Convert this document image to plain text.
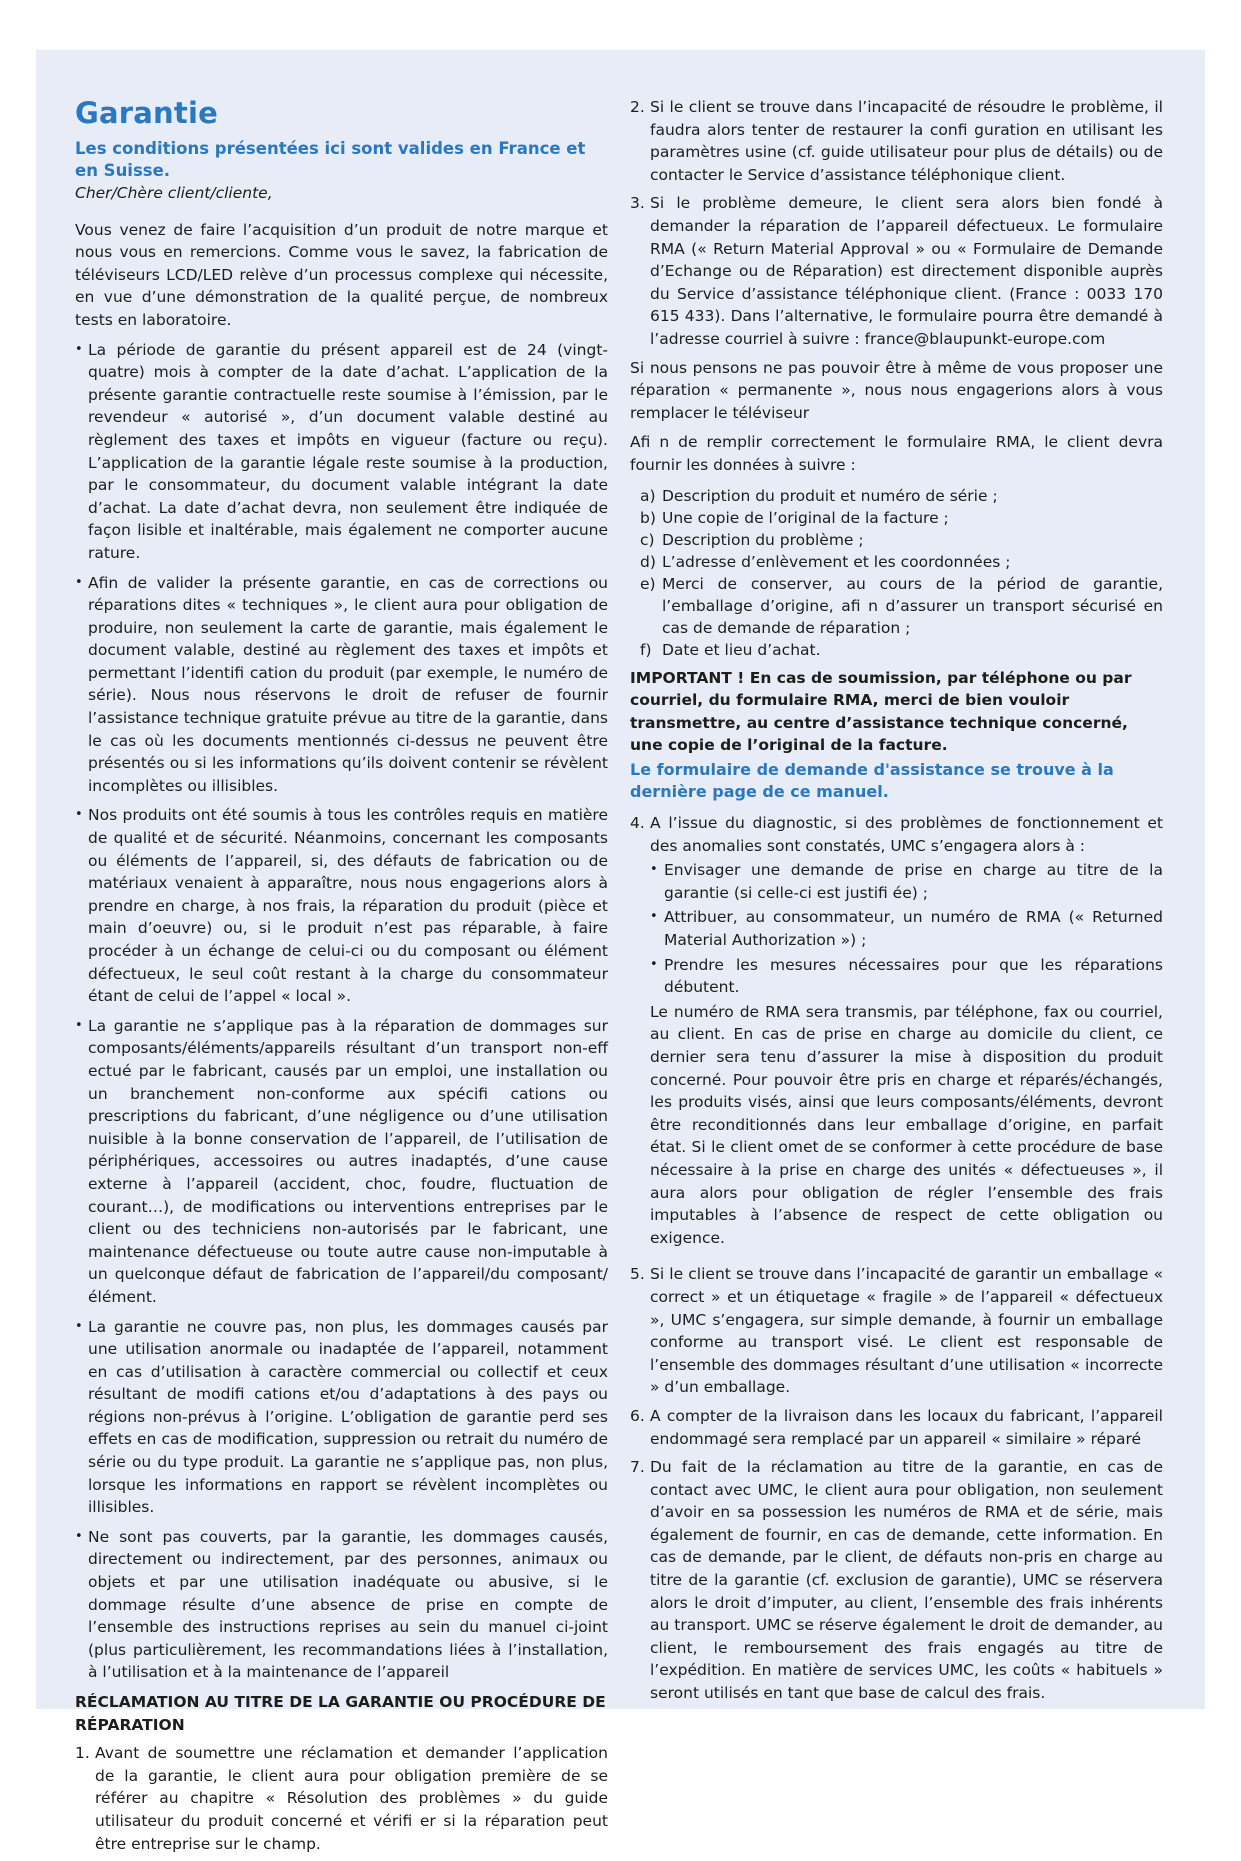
Garantie

Les conditions présentées ici sont valides en France et en Suisse.

Cher/Chère client/cliente,

Vous venez de faire l’acquisition d’un produit de notre marque et nous vous en remercions. Comme vous le savez, la fabrication de téléviseurs LCD/LED relève d’un processus complexe qui nécessite, en vue d’une démonstration de la qualité perçue, de nombreux tests en laboratoire.

• La période de garantie du présent appareil est de 24 (vingt-quatre) mois à compter de la date d’achat. L’application de la présente garantie contractuelle reste soumise à l’émission, par le revendeur « autorisé », d’un document valable destiné au règlement des taxes et impôts en vigueur (facture ou reçu). L’application de la garantie légale reste soumise à la production, par le consommateur, du document valable intégrant la date d’achat. La date d’achat devra, non seulement être indiquée de façon lisible et inaltérable, mais également ne comporter aucune rature.
• Afin de valider la présente garantie, en cas de corrections ou réparations dites « techniques », le client aura pour obligation de produire, non seulement la carte de garantie, mais également le document valable, destiné au règlement des taxes et impôts et permettant l’identifi cation du produit (par exemple, le numéro de série). Nous nous réservons le droit de refuser de fournir l’assistance technique gratuite prévue au titre de la garantie, dans le cas où les documents mentionnés ci-dessus ne peuvent être présentés ou si les informations qu’ils doivent contenir se révèlent incomplètes ou illisibles.
• Nos produits ont été soumis à tous les contrôles requis en matière de qualité et de sécurité. Néanmoins, concernant les composants ou éléments de l’appareil, si, des défauts de fabrication ou de matériaux venaient à apparaître, nous nous engagerions alors à prendre en charge, à nos frais, la réparation du produit (pièce et main d’oeuvre) ou, si le produit n’est pas réparable, à faire procéder à un échange de celui-ci ou du composant ou élément défectueux, le seul coût restant à la charge du consommateur étant de celui de l’appel « local ».
• La garantie ne s’applique pas à la réparation de dommages sur composants/éléments/appareils résultant d’un transport non-eff ectué par le fabricant, causés par un emploi, une installation ou un branchement non-conforme aux spécifi cations ou prescriptions du fabricant, d’une négligence ou d’une utilisation nuisible à la bonne conservation de l’appareil, de l’utilisation de périphériques, accessoires ou autres inadaptés, d’une cause externe à l’appareil (accident, choc, foudre, fluctuation de courant…), de modifications ou interventions entreprises par le client ou des techniciens non-autorisés par le fabricant, une maintenance défectueuse ou toute autre cause non-imputable à un quelconque défaut de fabrication de l’appareil/du composant/élément.
• La garantie ne couvre pas, non plus, les dommages causés par une utilisation anormale ou inadaptée de l’appareil, notamment en cas d’utilisation à caractère commercial ou collectif et ceux résultant de modifi cations et/ou d’adaptations à des pays ou régions non-prévus à l’origine. L’obligation de garantie perd ses effets en cas de modification, suppression ou retrait du numéro de série ou du type produit. La garantie ne s’applique pas, non plus, lorsque les informations en rapport se révèlent incomplètes ou illisibles.
• Ne sont pas couverts, par la garantie, les dommages causés, directement ou indirectement, par des personnes, animaux ou objets et par une utilisation inadéquate ou abusive, si le dommage résulte d’une absence de prise en compte de l’ensemble des instructions reprises au sein du manuel ci-joint (plus particulièrement, les recommandations liées à l’installation, à l’utilisation et à la maintenance de l’appareil

RÉCLAMATION AU TITRE DE LA GARANTIE OU PROCÉDURE DE RÉPARATION

1. Avant de soumettre une réclamation et demander l’application de la garantie, le client aura pour obligation première de se référer au chapitre « Résolution des problèmes » du guide utilisateur du produit concerné et vérifi er si la réparation peut être entreprise sur le champ.
2. Si le client se trouve dans l’incapacité de résoudre le problème, il faudra alors tenter de restaurer la confi guration en utilisant les paramètres usine (cf. guide utilisateur pour plus de détails) ou de contacter le Service d’assistance téléphonique client.
3. Si le problème demeure, le client sera alors bien fondé à demander la réparation de l’appareil défectueux. Le formulaire RMA (« Return Material Approval » ou « Formulaire de Demande d’Echange ou de Réparation) est directement disponible auprès du Service d’assistance téléphonique client. (France : 0033 170 615 433). Dans l’alternative, le formulaire pourra être demandé à l’adresse courriel à suivre : france@blaupunkt-europe.com

Si nous pensons ne pas pouvoir être à même de vous proposer une réparation « permanente », nous nous engagerions alors à vous remplacer le téléviseur

Afi n de remplir correctement le formulaire RMA, le client devra fournir les données à suivre :

a) Description du produit et numéro de série ;
b) Une copie de l’original de la facture ;
c) Description du problème ;
d) L’adresse d’enlèvement et les coordonnées ;
e) Merci de conserver, au cours de la périod de garantie, l’emballage d’origine, afi n d’assurer un transport sécurisé en cas de demande de réparation ;
f) Date et lieu d’achat.

IMPORTANT ! En cas de soumission, par téléphone ou par courriel, du formulaire RMA, merci de bien vouloir transmettre, au centre d’assistance technique concerné, une copie de l’original de la facture.

Le formulaire de demande d'assistance se trouve à la dernière page de ce manuel.

4. A l’issue du diagnostic, si des problèmes de fonctionnement et des anomalies sont constatés, UMC s’engagera alors à :
• Envisager une demande de prise en charge au titre de la garantie (si celle-ci est justifi ée) ;
• Attribuer, au consommateur, un numéro de RMA (« Returned Material Authorization ») ;
• Prendre les mesures nécessaires pour que les réparations débutent.

Le numéro de RMA sera transmis, par téléphone, fax ou courriel, au client. En cas de prise en charge au domicile du client, ce dernier sera tenu d’assurer la mise à disposition du produit concerné. Pour pouvoir être pris en charge et réparés/échangés, les produits visés, ainsi que leurs composants/éléments, devront être reconditionnés dans leur emballage d’origine, en parfait état. Si le client omet de se conformer à cette procédure de base nécessaire à la prise en charge des unités « défectueuses », il aura alors pour obligation de régler l’ensemble des frais imputables à l’absence de respect de cette obligation ou exigence.

5. Si le client se trouve dans l’incapacité de garantir un emballage « correct » et un étiquetage « fragile » de l’appareil « défectueux », UMC s’engagera, sur simple demande, à fournir un emballage conforme au transport visé. Le client est responsable de l’ensemble des dommages résultant d’une utilisation « incorrecte » d’un emballage.
6. A compter de la livraison dans les locaux du fabricant, l’appareil endommagé sera remplacé par un appareil « similaire » réparé
7. Du fait de la réclamation au titre de la garantie, en cas de contact avec UMC, le client aura pour obligation, non seulement d’avoir en sa possession les numéros de RMA et de série, mais également de fournir, en cas de demande, cette information. En cas de demande, par le client, de défauts non-pris en charge au titre de la garantie (cf. exclusion de garantie), UMC se réservera alors le droit d’imputer, au client, l’ensemble des frais inhérents au transport. UMC se réserve également le droit de demander, au client, le remboursement des frais engagés au titre de l’expédition. En matière de services UMC, les coûts « habituels » seront utilisés en tant que base de calcul des frais.
